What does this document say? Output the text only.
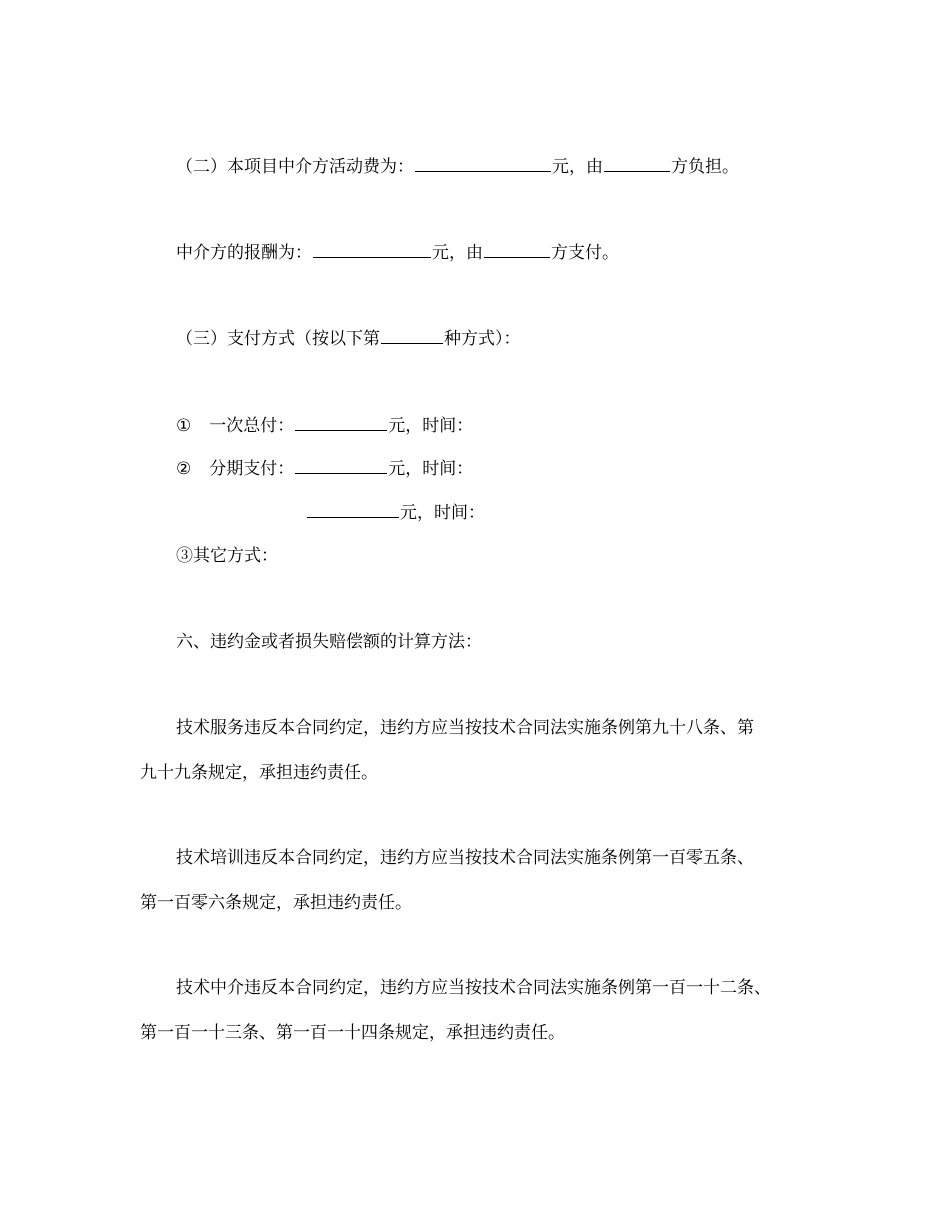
（二）本项目中介方活动费为：	元，由	方负担。
中介方的报酬为：	元，由	方支付。
（三）支付方式（按以下第	种方式）：
① 一次总付：	元，时间：
② 分期支付：	元，时间：
元，时间：
③其它方式：
六、违约金或者损失赔偿额的计算方法：
技术服务违反本合同约定，违约方应当按技术合同法实施条例第九十八条、第
九十九条规定，承担违约责任。
技术培训违反本合同约定，违约方应当按技术合同法实施条例第一百零五条、
第一百零六条规定，承担违约责任。
技术中介违反本合同约定，违约方应当按技术合同法实施条例第一百一十二条、
第一百一十三条、第一百一十四条规定，承担违约责任。
